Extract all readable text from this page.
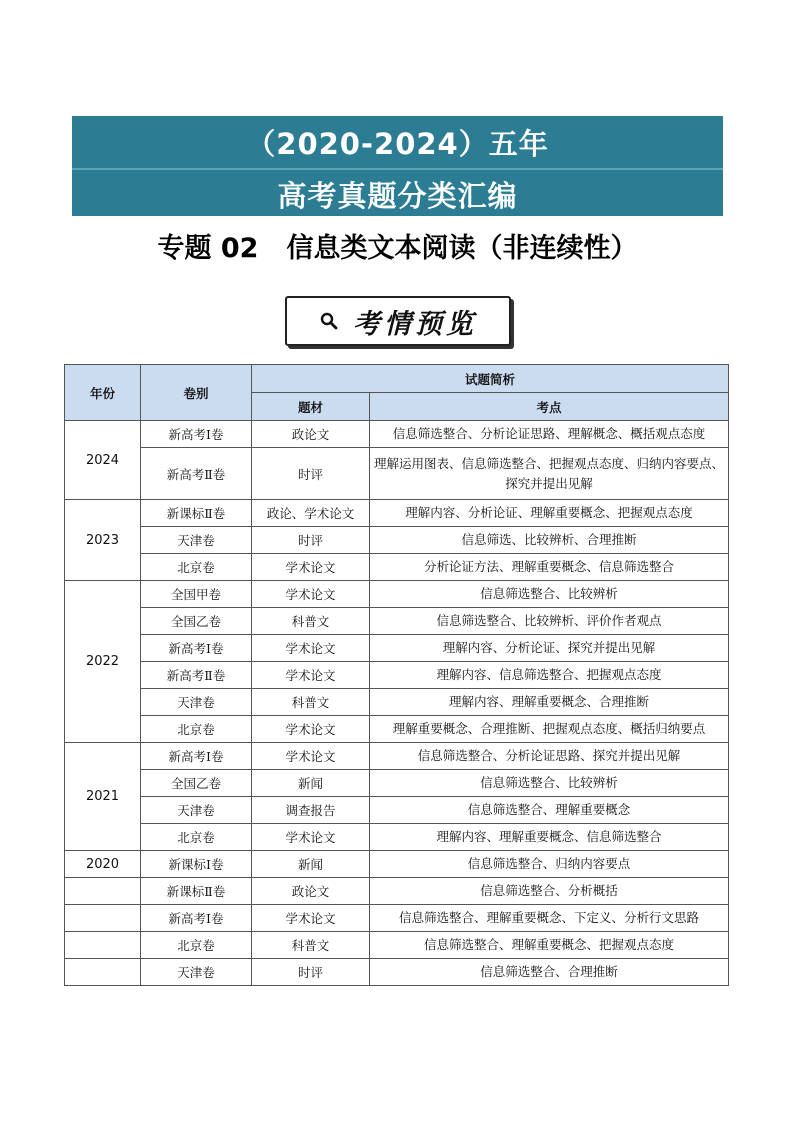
（2020-2024）五年
高考真题分类汇编
专题 02 信息类文本阅读（非连续性）
考情预览
年份	卷别	试题简析	
		题材	考点
2024	新高考Ⅰ卷	政论文	信息筛选整合、分析论证思路、理解概念、概括观点态度
	新高考Ⅱ卷	时评	理解运用图表、信息筛选整合、把握观点态度、归纳内容要点、探究并提出见解
2023	新课标Ⅱ卷	政论、学术论文	理解内容、分析论证、理解重要概念、把握观点态度
	天津卷	时评	信息筛选、比较辨析、合理推断
	北京卷	学术论文	分析论证方法、理解重要概念、信息筛选整合
2022	全国甲卷	学术论文	信息筛选整合、比较辨析
	全国乙卷	科普文	信息筛选整合、比较辨析、评价作者观点
	新高考Ⅰ卷	学术论文	理解内容、分析论证、探究并提出见解
	新高考Ⅱ卷	学术论文	理解内容、信息筛选整合、把握观点态度
	天津卷	科普文	理解内容、理解重要概念、合理推断
	北京卷	学术论文	理解重要概念、合理推断、把握观点态度、概括归纳要点
2021	新高考Ⅰ卷	学术论文	信息筛选整合、分析论证思路、探究并提出见解
	全国乙卷	新闻	信息筛选整合、比较辨析
	天津卷	调查报告	信息筛选整合、理解重要概念
	北京卷	学术论文	理解内容、理解重要概念、信息筛选整合
2020	新课标Ⅰ卷	新闻	信息筛选整合、归纳内容要点
	新课标Ⅱ卷	政论文	信息筛选整合、分析概括
	新高考Ⅰ卷	学术论文	信息筛选整合、理解重要概念、下定义、分析行文思路
	北京卷	科普文	信息筛选整合、理解重要概念、把握观点态度
	天津卷	时评	信息筛选整合、合理推断
